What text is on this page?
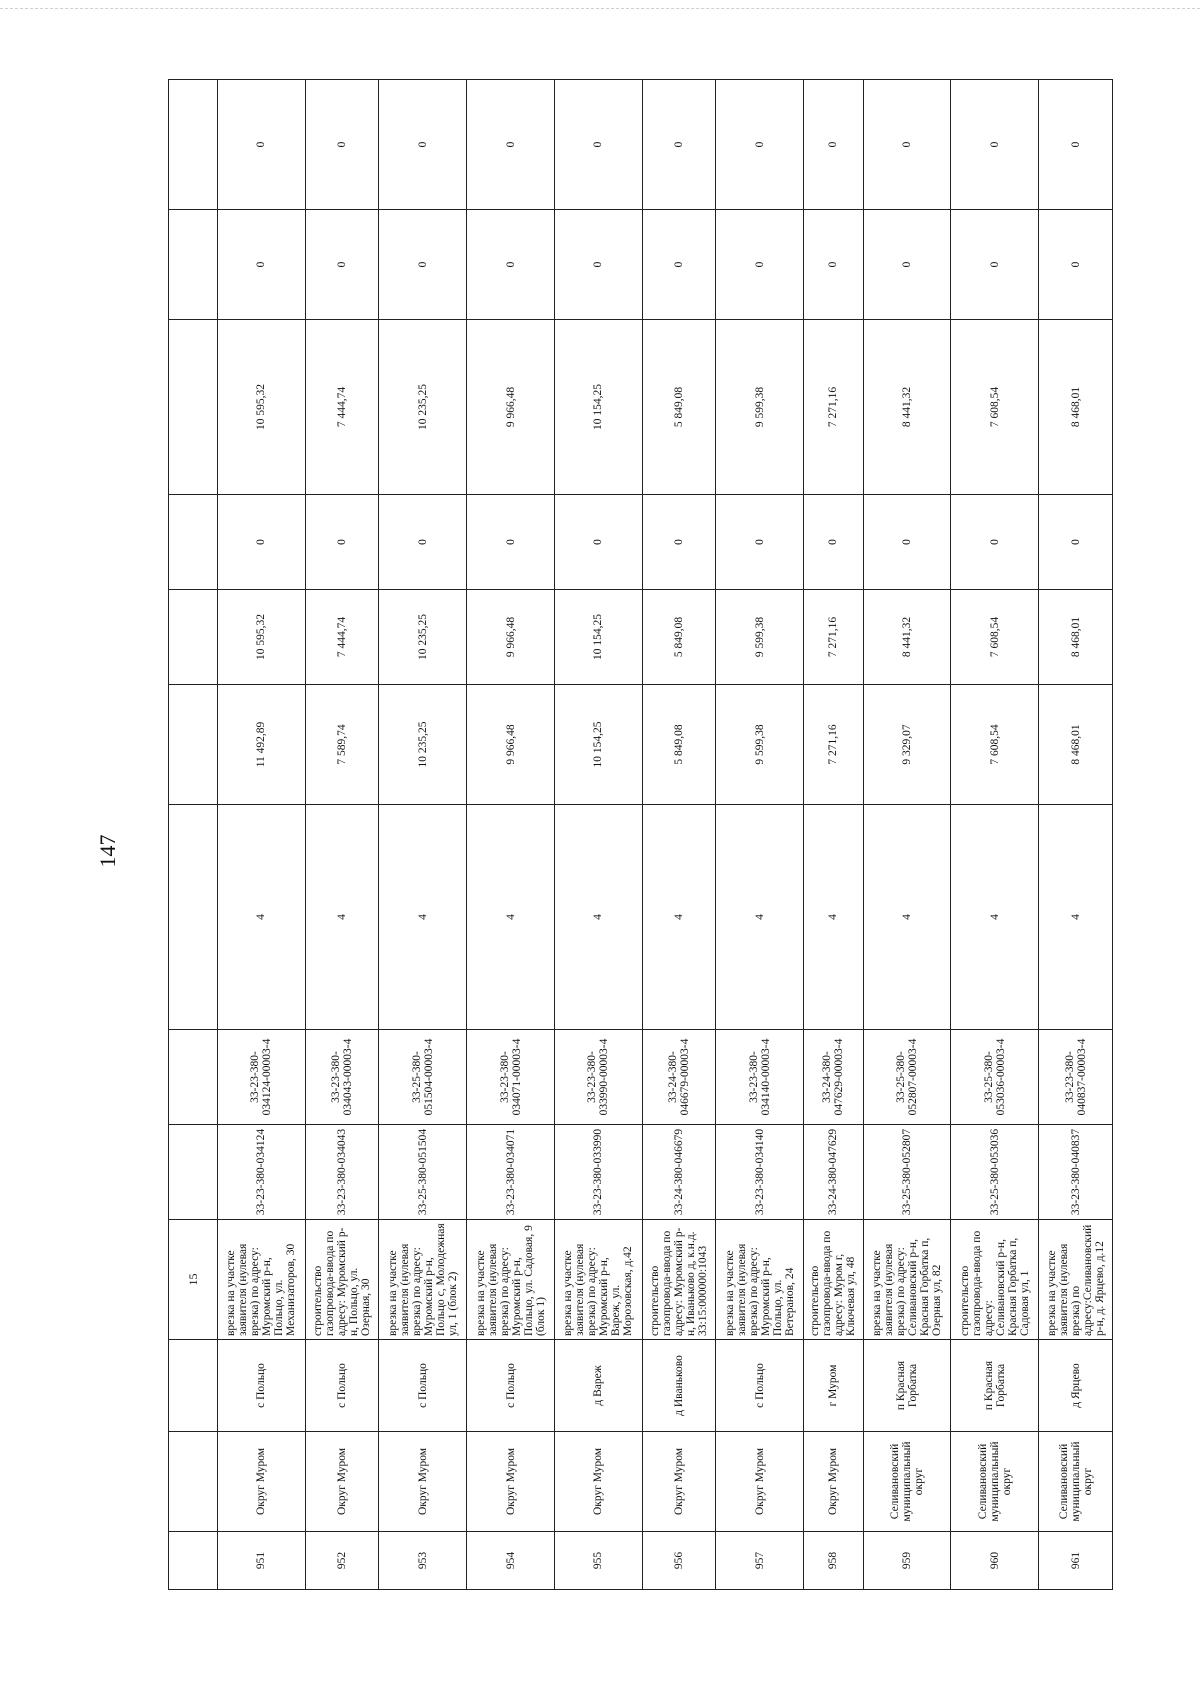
147
			15									
951	Округ Муром	с Польцо	врезка на участке заявителя (нулевая врезка) по адресу: Муромский р-н, Польцо, ул. Механизаторов, 30	33-23-380-034124	33-23-380-034124-00003-4	4	11 492,89	10 595,32	0	10 595,32	0	0
952	Округ Муром	с Польцо	строительство газопровода-ввода по адресу: Муромский р-н, Польцо, ул. Озерная, 30	33-23-380-034043	33-23-380-034043-00003-4	4	7 589,74	7 444,74	0	7 444,74	0	0
953	Округ Муром	с Польцо	врезка на участке заявителя (нулевая врезка) по адресу: Муромский р-н, Польцо с, Молодежная ул, 1 (блок 2)	33-25-380-051504	33-25-380-051504-00003-4	4	10 235,25	10 235,25	0	10 235,25	0	0
954	Округ Муром	с Польцо	врезка на участке заявителя (нулевая врезка) по адресу: Муромский р-н, Польцо, ул. Садовая, 9 (блок 1)	33-23-380-034071	33-23-380-034071-00003-4	4	9 966,48	9 966,48	0	9 966,48	0	0
955	Округ Муром	д Вареж	врезка на участке заявителя (нулевая врезка) по адресу: Муромский р-н, Вареж, ул. Морозовская, д.42	33-23-380-033990	33-23-380-033990-00003-4	4	10 154,25	10 154,25	0	10 154,25	0	0
956	Округ Муром	д Иваньково	строительство газопровода-ввода по адресу: Муромский р-н, Иваньково д, к.н.д. 33:15:000000:1043	33-24-380-046679	33-24-380-046679-00003-4	4	5 849,08	5 849,08	0	5 849,08	0	0
957	Округ Муром	с Польцо	врезка на участке заявителя (нулевая врезка) по адресу: Муромский р-н, Польцо, ул. Ветеранов, 24	33-23-380-034140	33-23-380-034140-00003-4	4	9 599,38	9 599,38	0	9 599,38	0	0
958	Округ Муром	г Муром	строительство газопровода-ввода по адресу: Муром г, Ключевая ул, 48	33-24-380-047629	33-24-380-047629-00003-4	4	7 271,16	7 271,16	0	7 271,16	0	0
959	Селивановский муниципальный округ	п Красная Горбатка	врезка на участке заявителя (нулевая врезка) по адресу: Селивановский р-н, Красная Горбатка п, Озерная ул, 82	33-25-380-052807	33-25-380-052807-00003-4	4	9 329,07	8 441,32	0	8 441,32	0	0
960	Селивановский муниципальный округ	п Красная Горбатка	строительство газопровода-ввода по адресу: Селивановский р-н, Красная Горбатка п, Садовая ул, 1	33-25-380-053036	33-25-380-053036-00003-4	4	7 608,54	7 608,54	0	7 608,54	0	0
961	Селивановский муниципальный округ	д Ярцево	врезка на участке заявителя (нулевая врезка) по адресу:Селивановский р-н, д. Ярцево, д.12	33-23-380-040837	33-23-380-040837-00003-4	4	8 468,01	8 468,01	0	8 468,01	0	0
